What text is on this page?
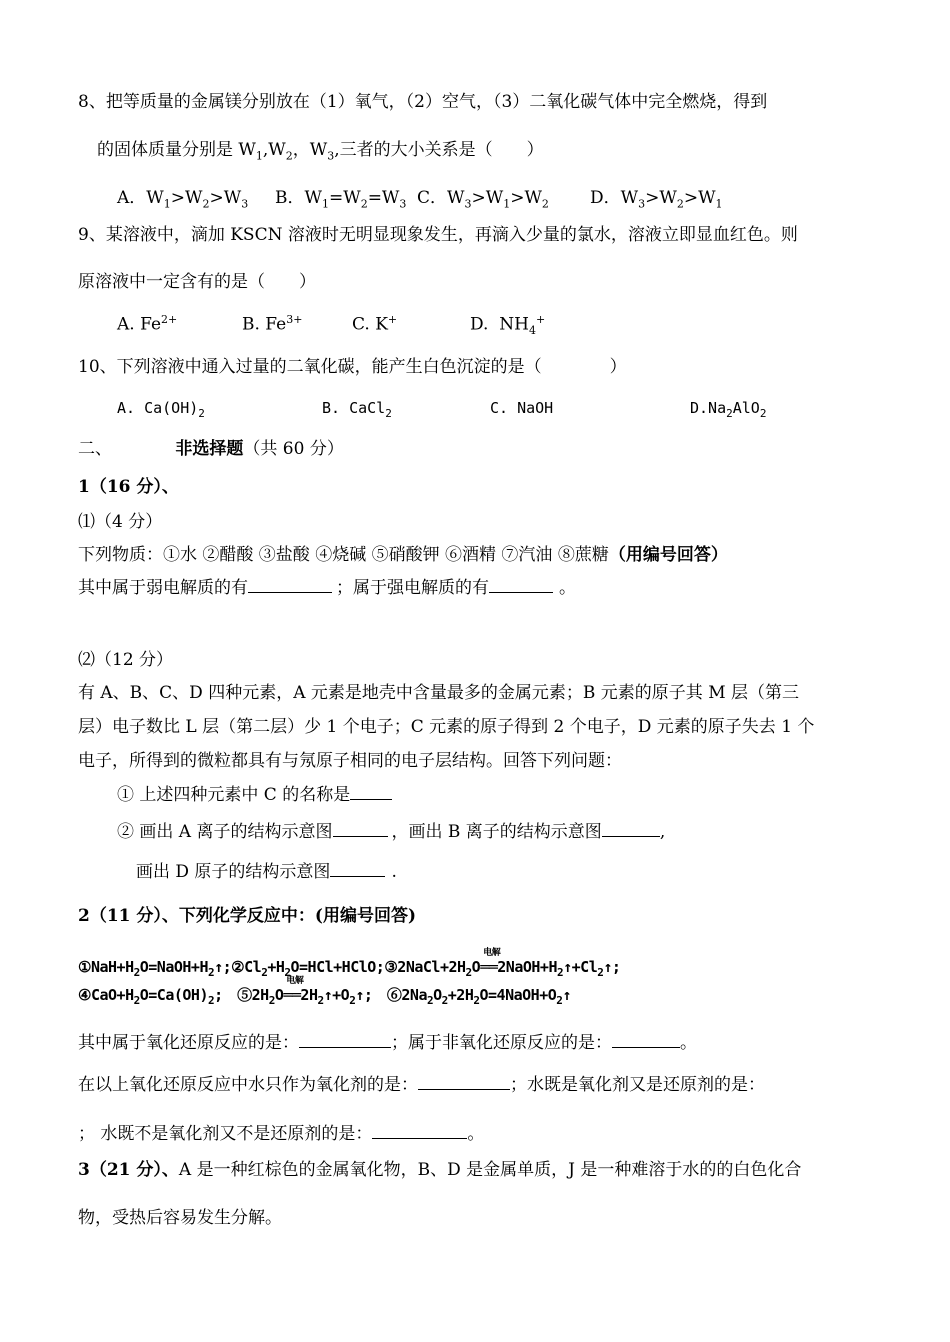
8、把等质量的金属镁分别放在（1）氧气，（2）空气，（3）二氧化碳气体中完全燃烧，得到
的固体质量分别是 $W_1,W_2$，$W_3$,三者的大小关系是（　　）
A．$W_1>W_2>W_3$ B．$W_1=W_2=W_3$ C．$W_3>W_1>W_2$ D．$W_3>W_2>W_1$
9、某溶液中，滴加 KSCN 溶液时无明显现象发生，再滴入少量的氯水，溶液立即显血红色。则
原溶液中一定含有的是（　　）
A. $Fe^{2+}$	B. $Fe^{3+}$	C. K+	D.  $NH_4^+$
10、下列溶液中通入过量的二氧化碳，能产生白色沉淀的是（　　　　）
A. $Ca(OH)_2$	B. CaCl$_2$	C. NaOH	$D.Na_2AlO_2$
二、	非选择题（共 60 分）
1（16 分）、
⑴（4 分）
下列物质：①水 ②醋酸 ③盐酸 ④烧碱 ⑤硝酸钾 ⑥酒精 ⑦汽油 ⑧蔗糖（用编号回答）
其中属于弱电解质的有	；属于强电解质的有	。
⑵（12 分）
有 A、B、C、D 四种元素，A 元素是地壳中含量最多的金属元素；B 元素的原子其 M 层（第三
层）电子数比 L 层（第二层）少 1 个电子；C 元素的原子得到 2 个电子，D 元素的原子失去 1 个
电子，所得到的微粒都具有与氖原子相同的电子层结构。回答下列问题：
① 上述四种元素中 C 的名称是
② 画出 A 离子的结构示意图	，画出 B 离子的结构示意图	,
画出 D 原子的结构示意图	.
2（11 分）、下列化学反应中：(用编号回答)
$①NaH+H_2O=NaOH+H_2↑;②Cl_2+H_2O=HCl+HClO;③2NaCl+2H_2O$
电解
$══2NaOH+H_2↑+Cl_2↑$;
$④CaO+H_2O=Ca(OH)_2$;　$⑤2H_2O$
电解
$══2H_2↑+O_2↑$;　$⑥2Na_2O_2+2H_2O=4NaOH+O_2↑$
其中属于氧化还原反应的是：	；属于非氧化还原反应的是：	。
在以上氧化还原反应中水只作为氧化剂的是：	；水既是氧化剂又是还原剂的是：
； 水既不是氧化剂又不是还原剂的是：	。
3（21 分）、A 是一种红棕色的金属氧化物，B、D 是金属单质，J 是一种难溶于水的的白色化合
物，受热后容易发生分解。
